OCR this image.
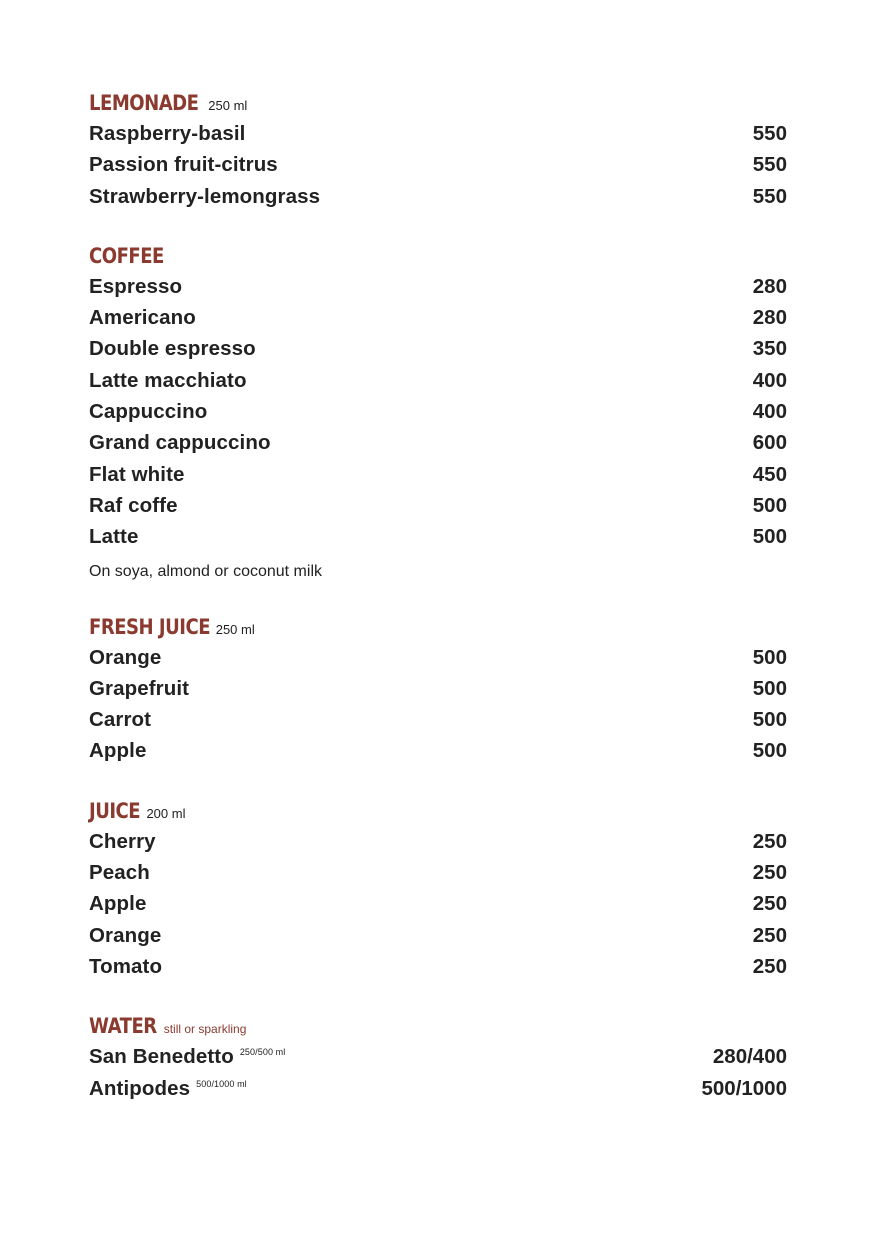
LEMONADE 250 ml
Raspberry-basil	550
Passion fruit-citrus	550
Strawberry-lemongrass	550
COFFEE
Espresso	280
Americano	280
Double espresso	350
Latte macchiato	400
Cappuccino	400
Grand cappuccino	600
Flat white	450
Raf coffe	500
Latte	500
On soya, almond or coconut milk
FRESH JUICE 250 ml
Orange	500
Grapefruit	500
Carrot	500
Apple	500
JUICE 200 ml
Cherry	250
Peach	250
Apple	250
Orange	250
Tomato	250
WATER still or sparkling
San Benedetto $^{250/500 ml}$	280/400
Antipodes $^{500/1000 ml}$	500/1000
